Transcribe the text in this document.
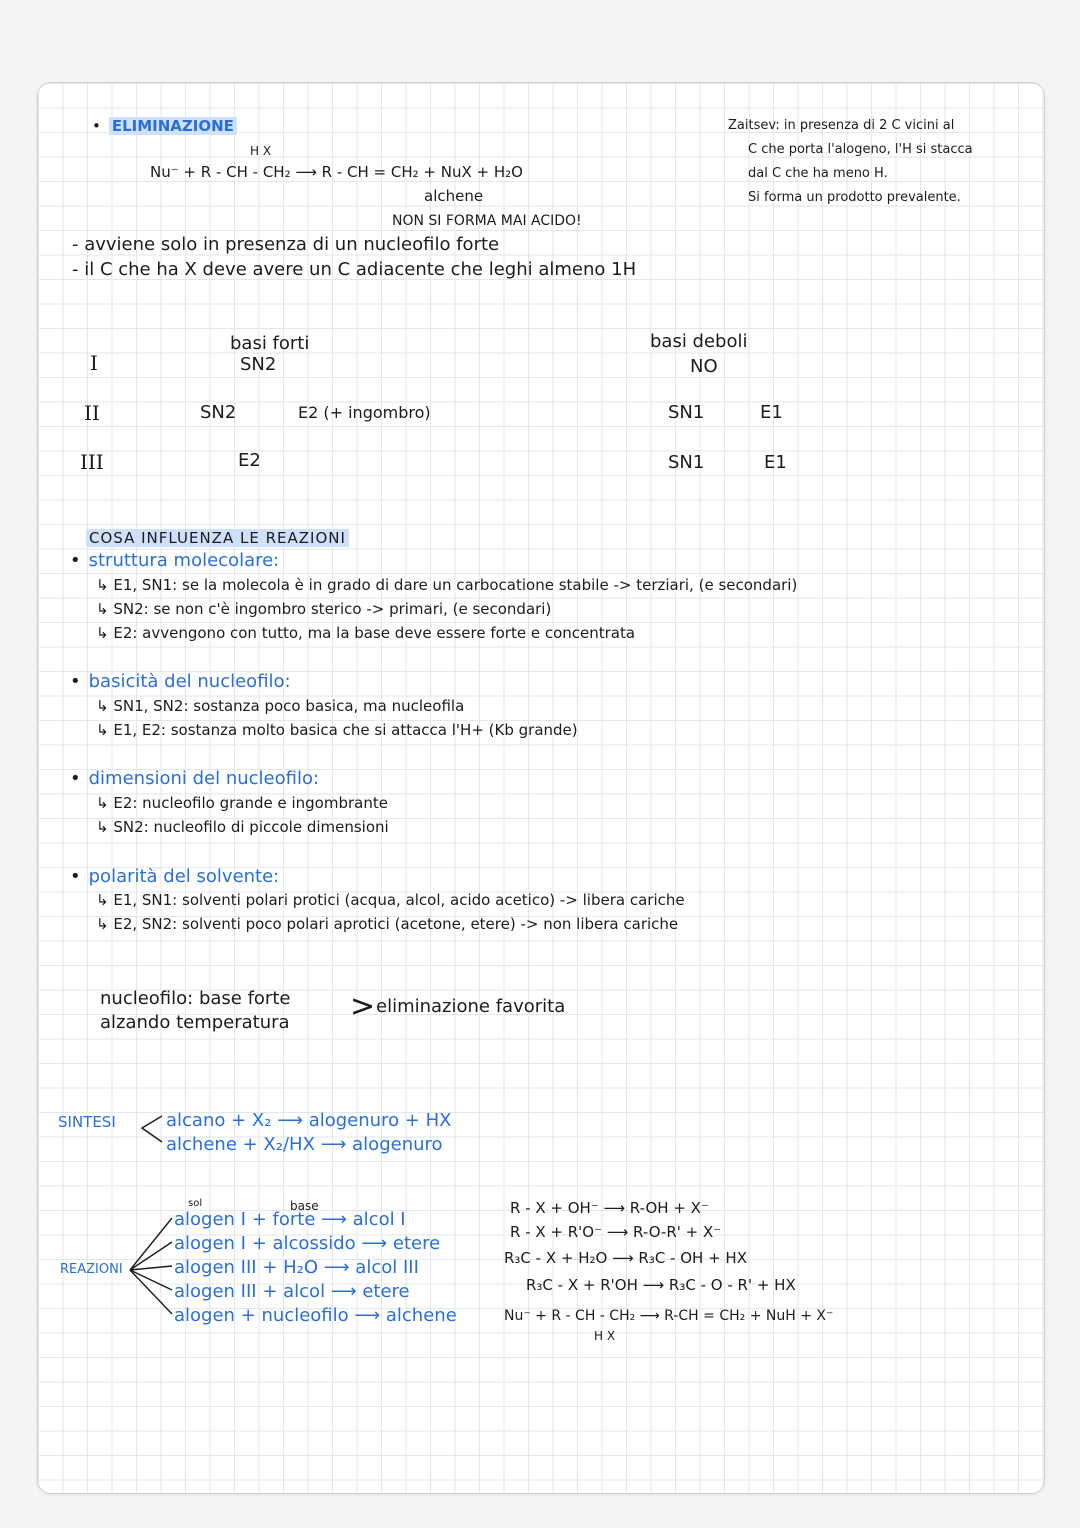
• ELIMINAZIONE
H X
Nu⁻ + R - CH - CH₂ ⟶ R - CH = CH₂ + NuX + H₂O
alchene
NON SI FORMA MAI ACIDO!
- avviene solo in presenza di un nucleofilo forte
- il C che ha X deve avere un C adiacente che leghi almeno 1H
Zaitsev: in presenza di 2 C vicini al
C che porta l'alogeno, l'H si stacca
dal C che ha meno H.
Si forma un prodotto prevalente.
basi forti	basi deboli
I	SN2	NO
II	SN2	E2 (+ ingombro)	SN1	E1
III	E2	SN1	E1
COSA INFLUENZA LE REAZIONI
• struttura molecolare:
↳ E1, SN1: se la molecola è in grado di dare un carbocatione stabile -> terziari, (e secondari)
↳ SN2: se non c'è ingombro sterico -> primari, (e secondari)
↳ E2: avvengono con tutto, ma la base deve essere forte e concentrata
• basicità del nucleofilo:
↳ SN1, SN2: sostanza poco basica, ma nucleofila
↳ E1, E2: sostanza molto basica che si attacca l'H+ (Kb grande)
• dimensioni del nucleofilo:
↳ E2: nucleofilo grande e ingombrante
↳ SN2: nucleofilo di piccole dimensioni
• polarità del solvente:
↳ E1, SN1: solventi polari protici (acqua, alcol, acido acetico) -> libera cariche
↳ E2, SN2: solventi poco polari aprotici (acetone, etere) -> non libera cariche
nucleofilo: base forte
alzando temperatura > eliminazione favorita
SINTESI	alcano + X₂ ⟶ alogenuro + HX
alchene + X₂/HX ⟶ alogenuro
sol	base
REAZIONI
alogen I + forte ⟶ alcol I
alogen I + alcossido ⟶ etere
alogen III + H₂O ⟶ alcol III
alogen III + alcol ⟶ etere
alogen + nucleofilo ⟶ alchene
R - X + OH⁻ ⟶ R-OH + X⁻
R - X + R'O⁻ ⟶ R-O-R' + X⁻
R₃C - X + H₂O ⟶ R₃C - OH + HX
R₃C - X + R'OH ⟶ R₃C - O - R' + HX
Nu⁻ + R - CH - CH₂ ⟶ R-CH = CH₂ + NuH + X⁻
H X
